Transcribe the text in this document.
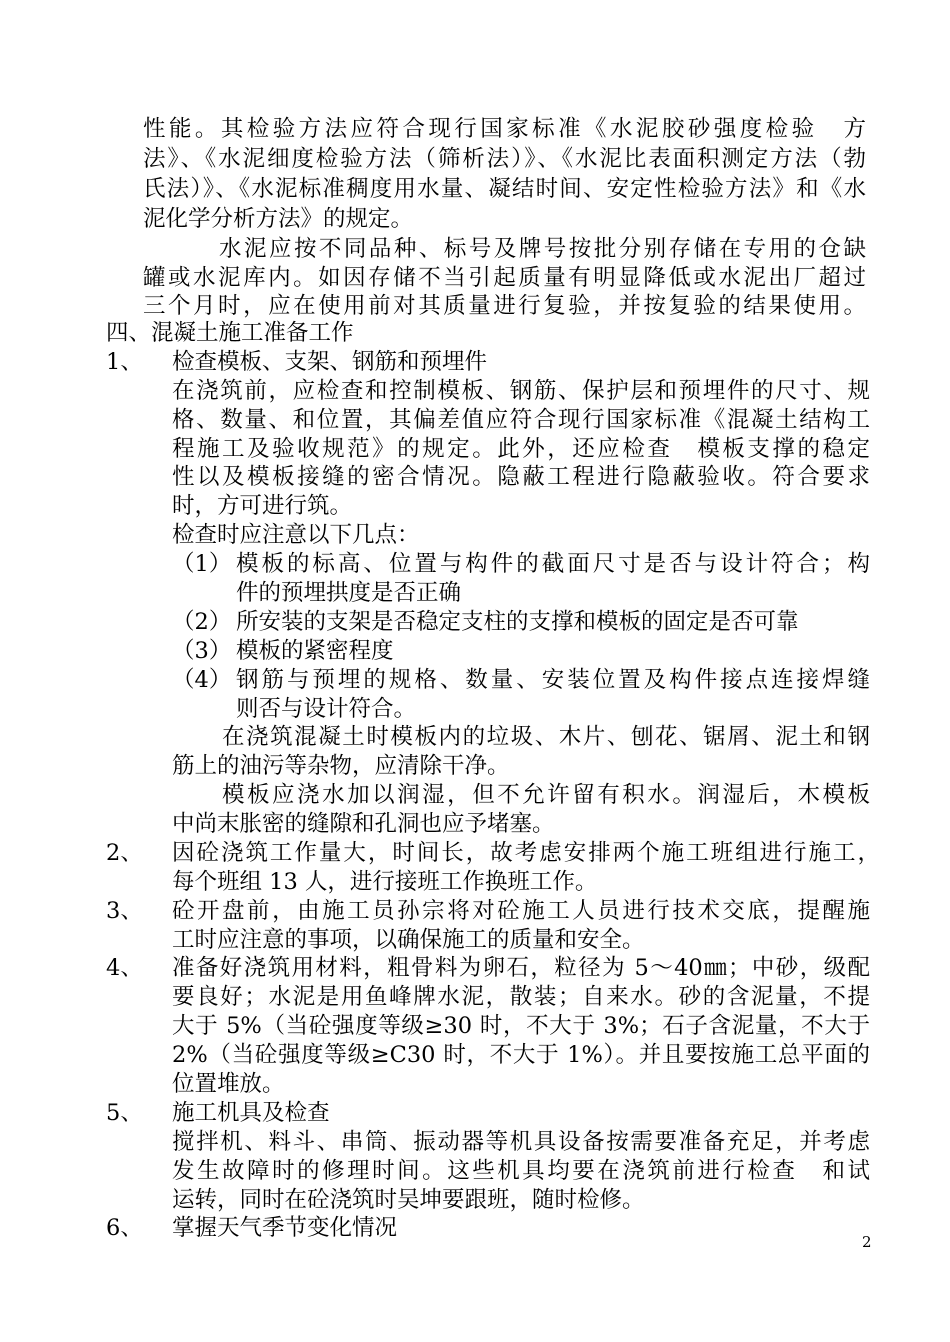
性能。其检验方法应符合现行国家标准《水泥胶砂强度检验　方

法》、《水泥细度检验方法（筛析法）》、《水泥比表面积测定方法（勃

氏法）》、《水泥标准稠度用水量、凝结时间、安定性检验方法》和《水

泥化学分析方法》的规定。

水泥应按不同品种、标号及牌号按批分别存储在专用的仓缺

罐或水泥库内。如因存储不当引起质量有明显降低或水泥出厂超过

三个月时，应在使用前对其质量进行复验，并按复验的结果使用。

四、混凝土施工准备工作

1、 检查模板、支架、钢筋和预埋件

在浇筑前，应检查和控制模板、钢筋、保护层和预埋件的尺寸、规

格、数量、和位置，其偏差值应符合现行国家标准《混凝土结构工

程施工及验收规范》的规定。此外，还应检查　模板支撑的稳定

性以及模板接缝的密合情况。隐蔽工程进行隐蔽验收。符合要求

时，方可进行筑。

检查时应注意以下几点：

（1） 模板的标高、位置与构件的截面尺寸是否与设计符合；构

件的预埋拱度是否正确

（2） 所安装的支架是否稳定支柱的支撑和模板的固定是否可靠

（3） 模板的紧密程度

（4） 钢筋与预埋的规格、数量、安装位置及构件接点连接焊缝

则否与设计符合。

在浇筑混凝土时模板内的垃圾、木片、刨花、锯屑、泥土和钢

筋上的油污等杂物，应清除干净。

模板应浇水加以润湿，但不允许留有积水。润湿后，木模板

中尚末胀密的缝隙和孔洞也应予堵塞。

2、 因砼浇筑工作量大，时间长，故考虑安排两个施工班组进行施工，

每个班组 13 人，进行接班工作换班工作。

3、 砼开盘前，由施工员孙宗将对砼施工人员进行技术交底，提醒施

工时应注意的事项，以确保施工的质量和安全。

4、 准备好浇筑用材料，粗骨料为卵石，粒径为 5～40㎜；中砂，级配

要良好；水泥是用鱼峰牌水泥，散装；自来水。砂的含泥量，不提

大于 5%（当砼强度等级≥30 时，不大于 3%；石子含泥量，不大于

2%（当砼强度等级≥C30 时，不大于 1%）。并且要按施工总平面的

位置堆放。

5、 施工机具及检查

搅拌机、料斗、串筒、振动器等机具设备按需要准备充足，并考虑

发生故障时的修理时间。这些机具均要在浇筑前进行检查　和试

运转，同时在砼浇筑时吴坤要跟班，随时检修。

6、 掌握天气季节变化情况

2
